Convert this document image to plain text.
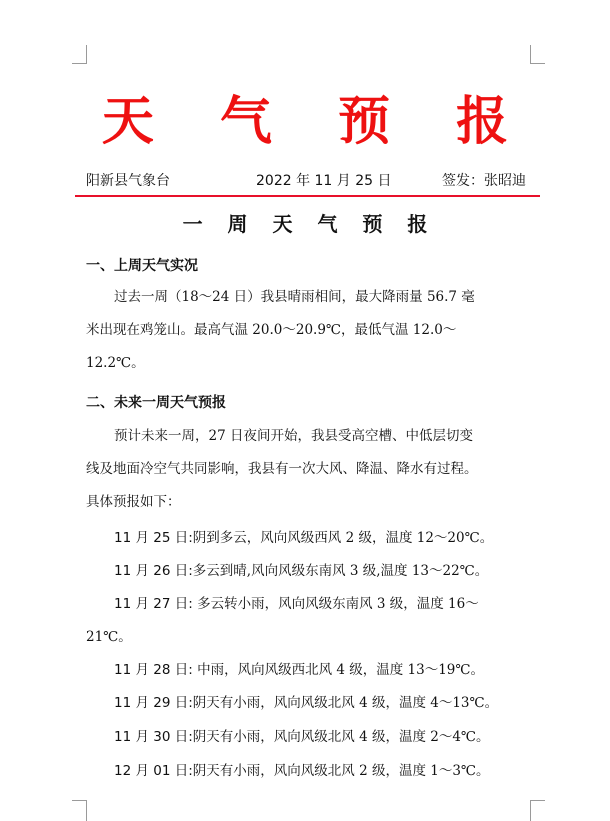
天 气 预 报
阳新县气象台	2022 年 11 月 25 日	签发：张昭迪
一 周 天 气 预 报
一、上周天气实况
过去一周（18～24 日）我县晴雨相间，最大降雨量 56.7 毫
米出现在鸡笼山。最高气温 20.0～20.9℃，最低气温 12.0～
12.2℃。
二、未来一周天气预报
预计未来一周，27 日夜间开始，我县受高空槽、中低层切变
线及地面冷空气共同影响，我县有一次大风、降温、降水有过程。
具体预报如下：
11 月 25 日:阴到多云，风向风级西风 2 级，温度 12～20℃。
11 月 26 日:多云到晴,风向风级东南风 3 级,温度 13～22℃。
11 月 27 日: 多云转小雨，风向风级东南风 3 级，温度 16～
21℃。
11 月 28 日: 中雨，风向风级西北风 4 级，温度 13～19℃。
11 月 29 日:阴天有小雨，风向风级北风 4 级，温度 4～13℃。
11 月 30 日:阴天有小雨，风向风级北风 4 级，温度 2～4℃。
12 月 01 日:阴天有小雨，风向风级北风 2 级，温度 1～3℃。
